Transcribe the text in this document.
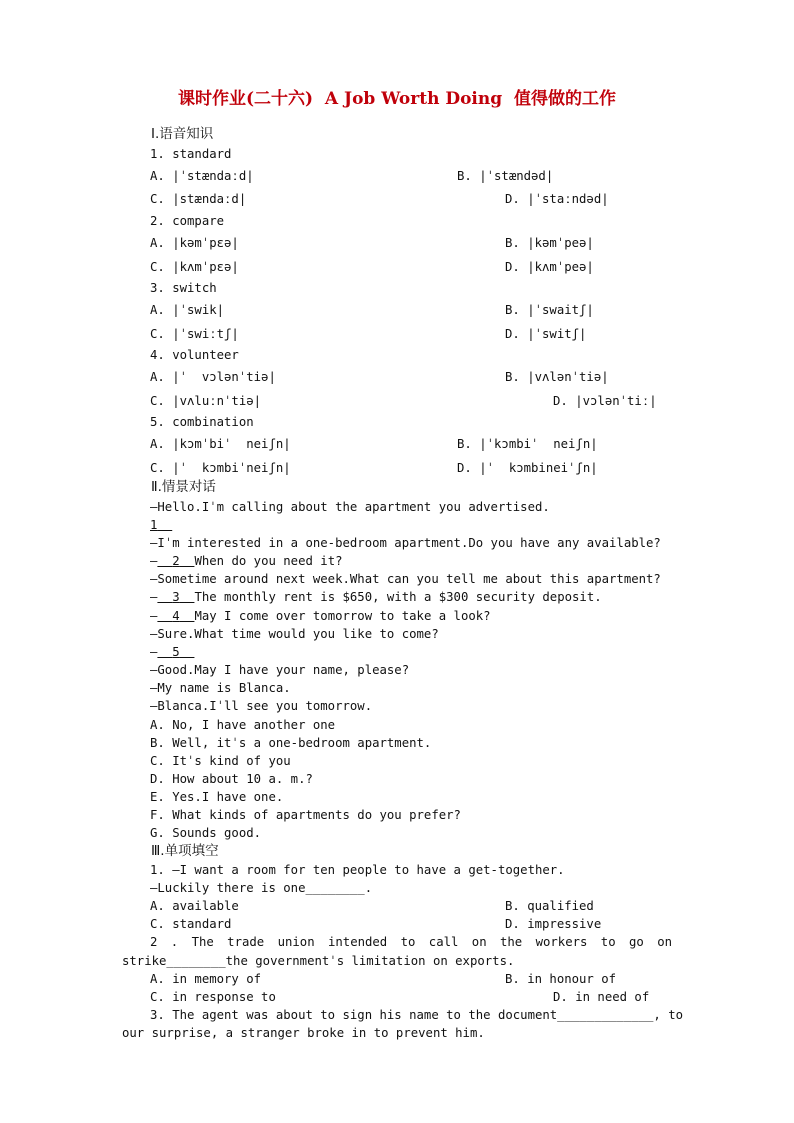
课时作业(二十六)  A Job Worth Doing  值得做的工作
Ⅰ.语音知识
1. standard
A. |ˈstændaːd|	B. |ˈstændəd|
C. |stændaːd|	D. |ˈstaːndəd|
2. compare
A. |kəmˈpɛə|	B. |kəmˈpeə|
C. |kʌmˈpɛə|	D. |kʌmˈpeə|
3. switch
A. |ˈswik|	B. |ˈswaitʃ|
C. |ˈswiːtʃ|	D. |ˈswitʃ|
4. volunteer
A. |ˈ  vɔlənˈtiə|	B. |vʌlənˈtiə|
C. |vʌluːnˈtiə|	D. |vɔlənˈtiː|
5. combination
A. |kɔmˈbiˈ  neiʃn|	B. |ˈkɔmbiˈ  neiʃn|
C. |ˈ  kɔmbiˈneiʃn|	D. |ˈ  kɔmbineiˈʃn|
Ⅱ.情景对话
—Hello.Iˈm calling about the apartment you advertised.
1
—Iˈm interested in a one-bedroom apartment.Do you have any available?
— 2 When do you need it?
—Sometime around next week.What can you tell me about this apartment?
— 3 The monthly rent is $650, with a $300 security deposit.
— 4 May I come over tomorrow to take a look?
—Sure.What time would you like to come?
— 5
—Good.May I have your name, please?
—My name is Blanca.
—Blanca.Iˈll see you tomorrow.
A. No, I have another one
B. Well, itˈs a one-bedroom apartment.
C. Itˈs kind of you
D. How about 10 a. m.?
E. Yes.I have one.
F. What kinds of apartments do you prefer?
G. Sounds good.
Ⅲ.单项填空
1. —I want a room for ten people to have a get-together.
—Luckily there is one________.
A. available	B. qualified
C. standard	D. impressive
2 . The trade union intended to call on the workers to go on
strike________the governmentˈs limitation on exports.
A. in memory of	B. in honour of
C. in response to	D. in need of
3. The agent was about to sign his name to the document_____________, to
our surprise, a stranger broke in to prevent him.
